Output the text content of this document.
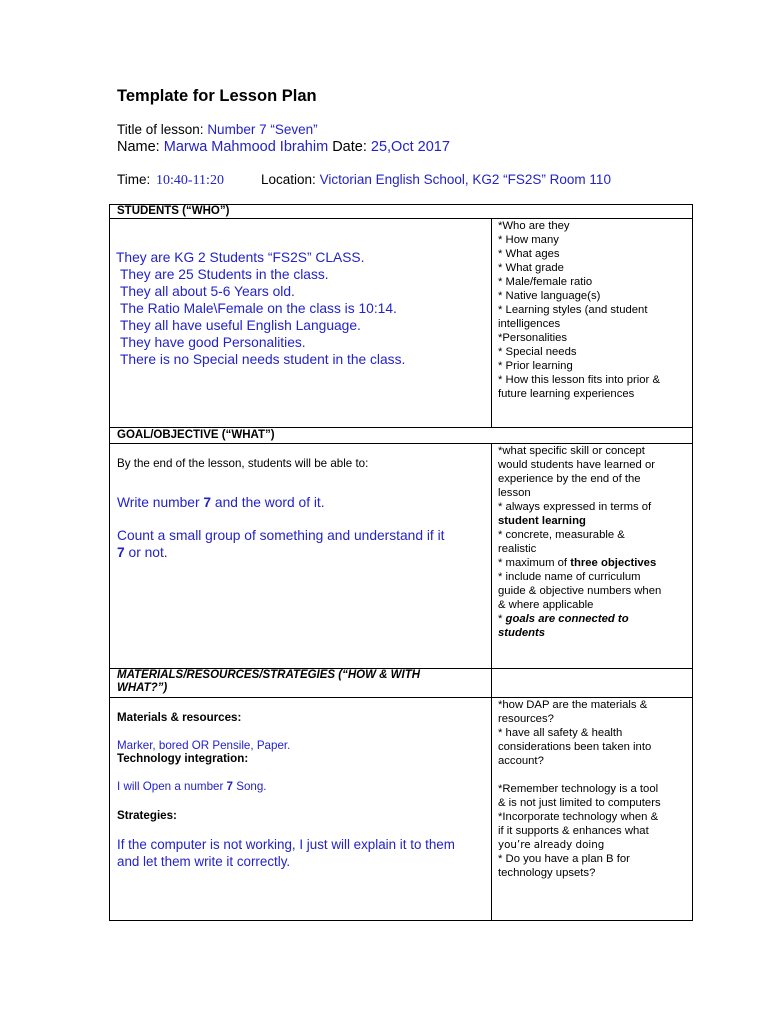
Template for Lesson Plan
Title of lesson: Number 7 “Seven”
Name: Marwa Mahmood Ibrahim Date: 25,Oct 2017
Time: 10:40-11:20	Location: Victorian English School, KG2 “FS2S” Room 110
STUDENTS (“WHO”)
They are KG 2 Students “FS2S” CLASS.
They are 25 Students in the class.
They all about 5-6 Years old.
The Ratio Male\Female on the class is 10:14.
They all have useful English Language.
They have good Personalities.
There is no Special needs student in the class.
*Who are they
* How many
* What ages
* What grade
* Male/female ratio
* Native language(s)
* Learning styles (and student
intelligences
*Personalities
* Special needs
* Prior learning
* How this lesson fits into prior &
future learning experiences
GOAL/OBJECTIVE (“WHAT”)
By the end of the lesson, students will be able to:
Write number 7 and the word of it.
Count a small group of something and understand if it
7 or not.
*what specific skill or concept
would students have learned or
experience by the end of the
lesson
* always expressed in terms of
student learning
* concrete, measurable &
realistic
* maximum of three objectives
* include name of curriculum
guide & objective numbers when
& where applicable
* goals are connected to
students
MATERIALS/RESOURCES/STRATEGIES (“HOW & WITH
WHAT?”)
Materials & resources:
Marker, bored OR Pensile, Paper.
Technology integration:
I will Open a number 7 Song.
Strategies:
If the computer is not working, I just will explain it to them
and let them write it correctly.
*how DAP are the materials &
resources?
* have all safety & health
considerations been taken into
account?
*Remember technology is a tool
& is not just limited to computers
*Incorporate technology when &
if it supports & enhances what
you’re already doing
* Do you have a plan B for
technology upsets?
